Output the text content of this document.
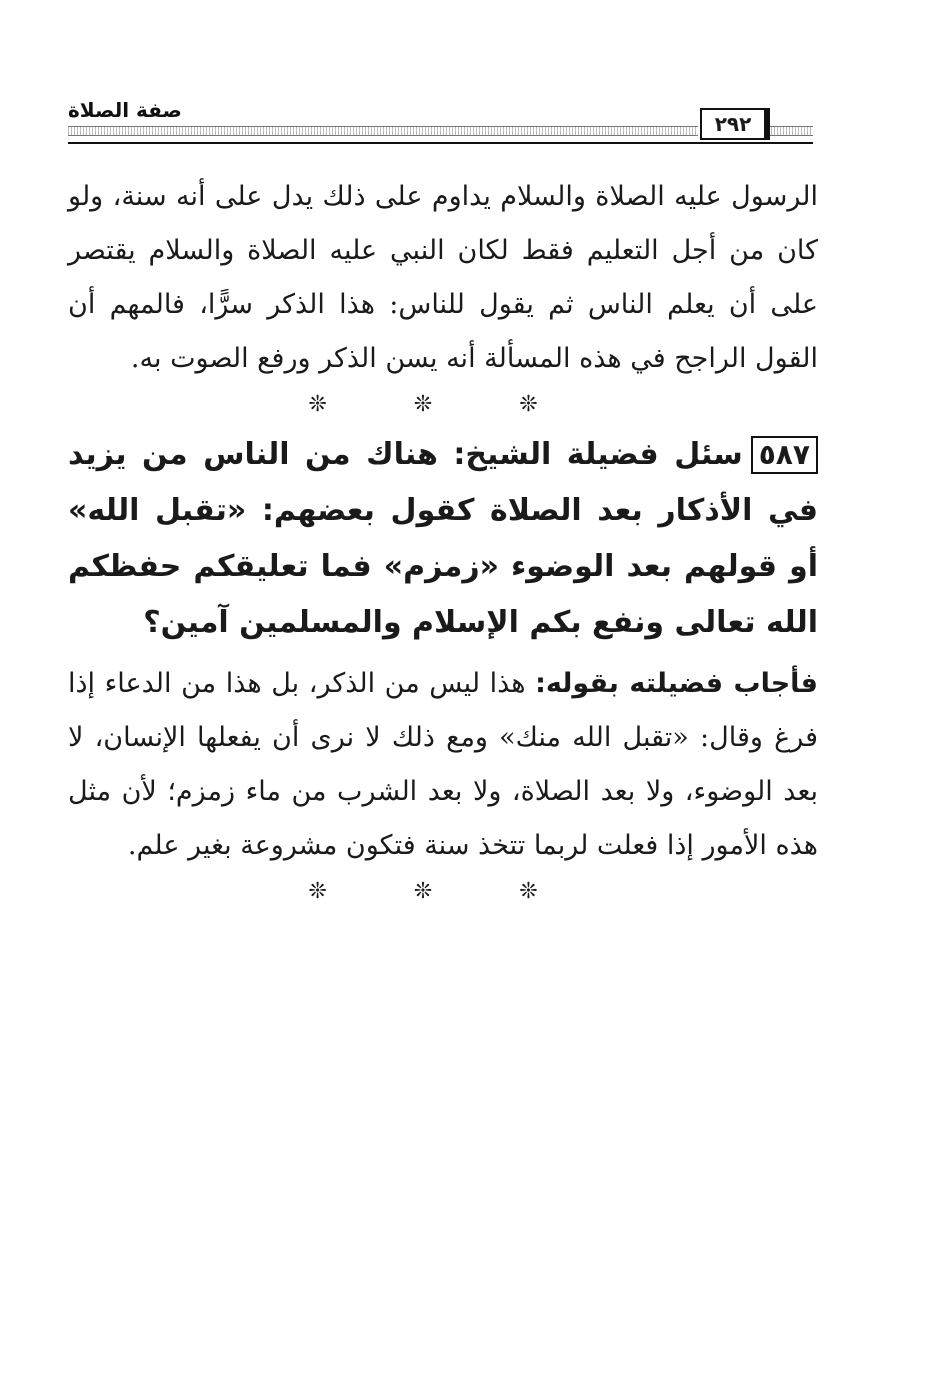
صفة الصلاة
٢٩٢

الرسول عليه الصلاة والسلام يداوم على ذلك يدل على أنه سنة، ولو كان من أجل التعليم فقط لكان النبي عليه الصلاة والسلام يقتصر على أن يعلم الناس ثم يقول للناس: هذا الذكر سرًّا، فالمهم أن القول الراجح في هذه المسألة أنه يسن الذكر ورفع الصوت به.

❊ ❊ ❊

٥٨٧سئل فضيلة الشيخ: هناك من الناس من يزيد في الأذكار بعد الصلاة كقول بعضهم: «تقبل الله» أو قولهم بعد الوضوء «زمزم» فما تعليقكم حفظكم الله تعالى ونفع بكم الإسلام والمسلمين آمين؟

فأجاب فضيلته بقوله: هذا ليس من الذكر، بل هذا من الدعاء إذا فرغ وقال: «تقبل الله منك» ومع ذلك لا نرى أن يفعلها الإنسان، لا بعد الوضوء، ولا بعد الصلاة، ولا بعد الشرب من ماء زمزم؛ لأن مثل هذه الأمور إذا فعلت لربما تتخذ سنة فتكون مشروعة بغير علم.

❊ ❊ ❊
